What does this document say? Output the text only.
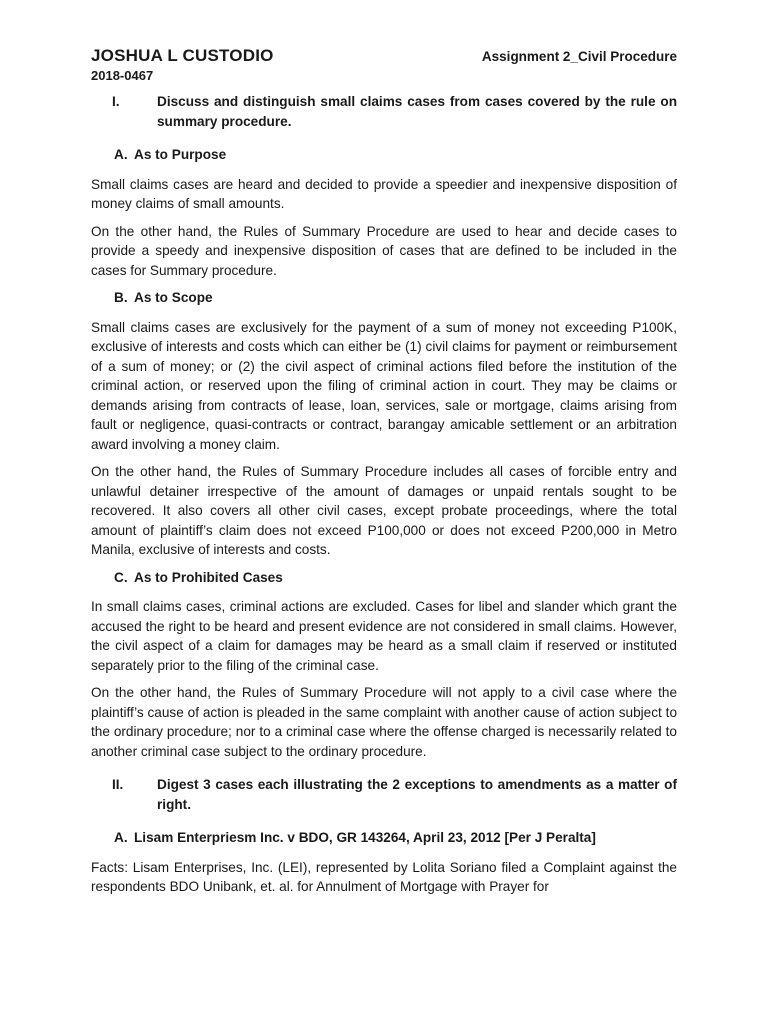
JOSHUA L CUSTODIO
2018-0467
Assignment 2_Civil Procedure
I.	Discuss and distinguish small claims cases from cases covered by the rule on summary procedure.
A. As to Purpose

Small claims cases are heard and decided to provide a speedier and inexpensive disposition of money claims of small amounts.

On the other hand, the Rules of Summary Procedure are used to hear and decide cases to provide a speedy and inexpensive disposition of cases that are defined to be included in the cases for Summary procedure.

B. As to Scope

Small claims cases are exclusively for the payment of a sum of money not exceeding P100K, exclusive of interests and costs which can either be (1) civil claims for payment or reimbursement of a sum of money; or (2) the civil aspect of criminal actions filed before the institution of the criminal action, or reserved upon the filing of criminal action in court. They may be claims or demands arising from contracts of lease, loan, services, sale or mortgage, claims arising from fault or negligence, quasi-contracts or contract, barangay amicable settlement or an arbitration award involving a money claim.

On the other hand, the Rules of Summary Procedure includes all cases of forcible entry and unlawful detainer irrespective of the amount of damages or unpaid rentals sought to be recovered. It also covers all other civil cases, except probate proceedings, where the total amount of plaintiff’s claim does not exceed P100,000 or does not exceed P200,000 in Metro Manila, exclusive of interests and costs.

C. As to Prohibited Cases

In small claims cases, criminal actions are excluded. Cases for libel and slander which grant the accused the right to be heard and present evidence are not considered in small claims. However, the civil aspect of a claim for damages may be heard as a small claim if reserved or instituted separately prior to the filing of the criminal case.

On the other hand, the Rules of Summary Procedure will not apply to a civil case where the plaintiff’s cause of action is pleaded in the same complaint with another cause of action subject to the ordinary procedure; nor to a criminal case where the offense charged is necessarily related to another criminal case subject to the ordinary procedure.

II.	Digest 3 cases each illustrating the 2 exceptions to amendments as a matter of right.
A. Lisam Enterpriesm Inc. v BDO, GR 143264, April 23, 2012 [Per J Peralta]

Facts: Lisam Enterprises, Inc. (LEI), represented by Lolita Soriano filed a Complaint against the respondents BDO Unibank, et. al. for Annulment of Mortgage with Prayer for
